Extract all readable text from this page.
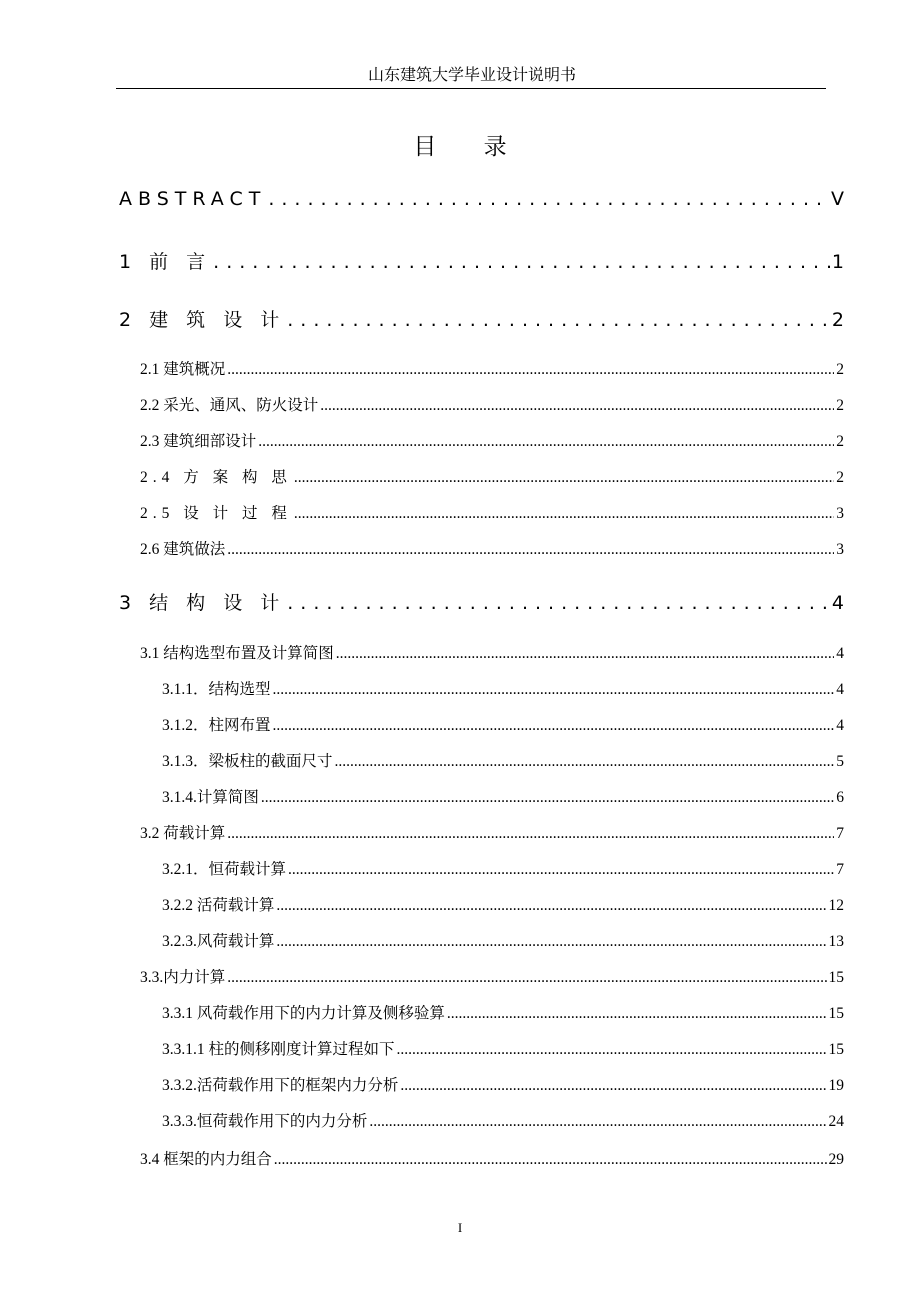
山东建筑大学毕业设计说明书
目 录
ABSTRACT .....	V
1 前 言 .....	1
2 建 筑 设 计 .....	2
2.1 建筑概况 .....	2
2.2 采光、通风、防火设计 .....	2
2.3 建筑细部设计 .....	2
2.4 方 案 构 思 .....	2
2.5 设 计 过 程 .....	3
2.6 建筑做法 .....	3
3 结 构 设 计 .....	4
3.1 结构选型布置及计算简图 .....	4
3.1.1．结构选型 .....	4
3.1.2．柱网布置 .....	4
3.1.3．梁板柱的截面尺寸 .....	5
3.1.4.计算简图 .....	6
3.2 荷载计算 .....	7
3.2.1．恒荷载计算 .....	7
3.2.2 活荷载计算 .....	12
3.2.3.风荷载计算 .....	13
3.3.内力计算 .....	15
3.3.1 风荷载作用下的内力计算及侧移验算 .....	15
3.3.1.1 柱的侧移刚度计算过程如下 .....	15
3.3.2.活荷载作用下的框架内力分析 .....	19
3.3.3.恒荷载作用下的内力分析 .....	24
3.4 框架的内力组合 .....	29
I
